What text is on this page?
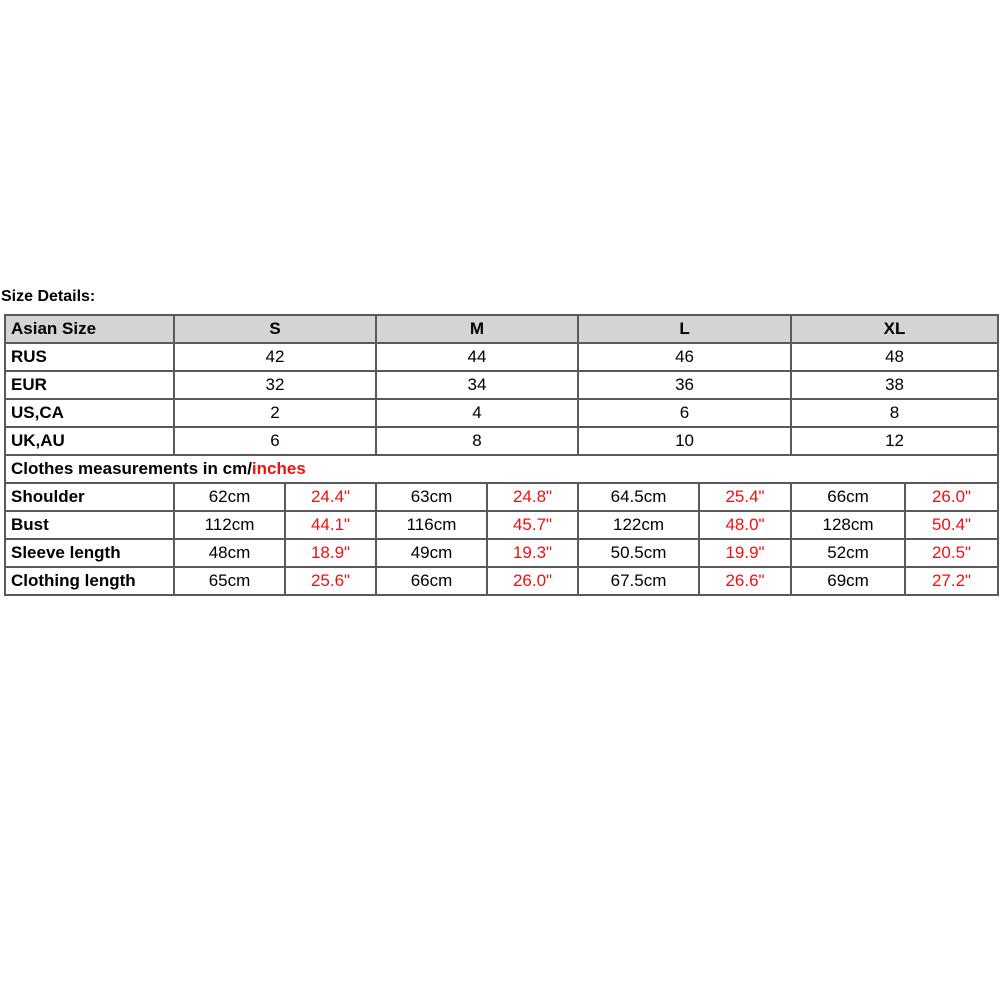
Size Details:
Asian Size	S		M		L		XL	
RUS	42		44		46		48	
EUR	32		34		36		38	
US,CA	2		4		6		8	
UK,AU	6		8		10		12	
Clothes measurements in cm/inches								
Shoulder	62cm	24.4"	63cm	24.8"	64.5cm	25.4"	66cm	26.0"
Bust	112cm	44.1"	116cm	45.7"	122cm	48.0"	128cm	50.4"
Sleeve length	48cm	18.9"	49cm	19.3"	50.5cm	19.9"	52cm	20.5"
Clothing length	65cm	25.6"	66cm	26.0"	67.5cm	26.6"	69cm	27.2"
